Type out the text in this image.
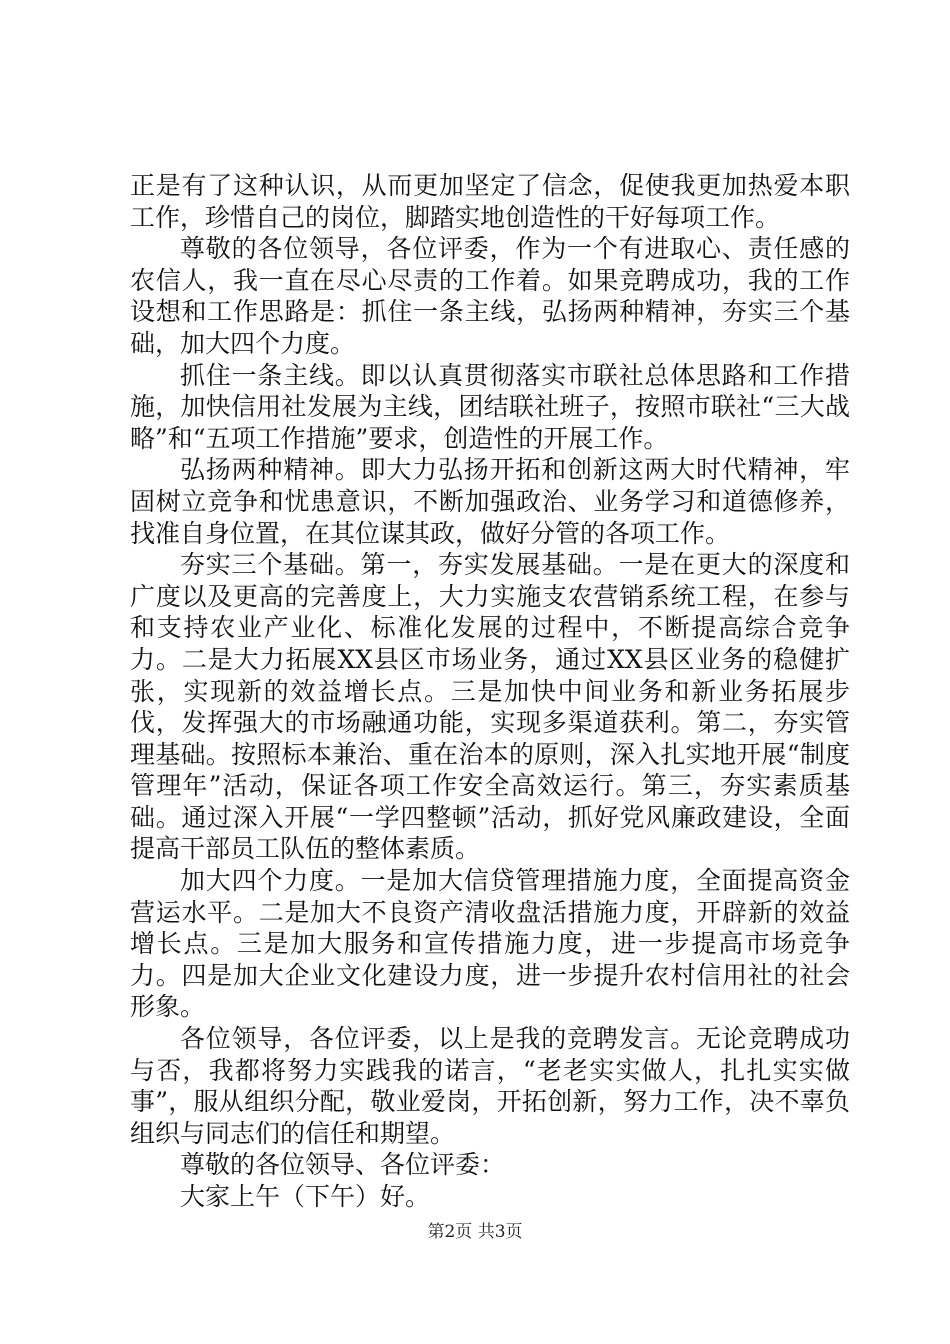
正是有了这种认识，从而更加坚定了信念，促使我更加热爱本职工作，珍惜自己的岗位，脚踏实地创造性的干好每项工作。

尊敬的各位领导，各位评委，作为一个有进取心、责任感的农信人，我一直在尽心尽责的工作着。如果竞聘成功，我的工作设想和工作思路是：抓住一条主线，弘扬两种精神，夯实三个基础，加大四个力度。

抓住一条主线。即以认真贯彻落实市联社总体思路和工作措施，加快信用社发展为主线，团结联社班子，按照市联社“三大战略”和“五项工作措施”要求，创造性的开展工作。

弘扬两种精神。即大力弘扬开拓和创新这两大时代精神，牢固树立竞争和忧患意识，不断加强政治、业务学习和道德修养，找准自身位置，在其位谋其政，做好分管的各项工作。

夯实三个基础。第一，夯实发展基础。一是在更大的深度和广度以及更高的完善度上，大力实施支农营销系统工程，在参与和支持农业产业化、标准化发展的过程中，不断提高综合竞争力。二是大力拓展XX县区市场业务，通过XX县区业务的稳健扩张，实现新的效益增长点。三是加快中间业务和新业务拓展步伐，发挥强大的市场融通功能，实现多渠道获利。第二，夯实管理基础。按照标本兼治、重在治本的原则，深入扎实地开展“制度管理年”活动，保证各项工作安全高效运行。第三，夯实素质基础。通过深入开展“一学四整顿”活动，抓好党风廉政建设，全面提高干部员工队伍的整体素质。

加大四个力度。一是加大信贷管理措施力度，全面提高资金营运水平。二是加大不良资产清收盘活措施力度，开辟新的效益增长点。三是加大服务和宣传措施力度，进一步提高市场竞争力。四是加大企业文化建设力度，进一步提升农村信用社的社会形象。

各位领导，各位评委，以上是我的竞聘发言。无论竞聘成功与否，我都将努力实践我的诺言，“老老实实做人，扎扎实实做事”，服从组织分配，敬业爱岗，开拓创新，努力工作，决不辜负组织与同志们的信任和期望。

尊敬的各位领导、各位评委：

大家上午（下午）好。

第2页 共3页
